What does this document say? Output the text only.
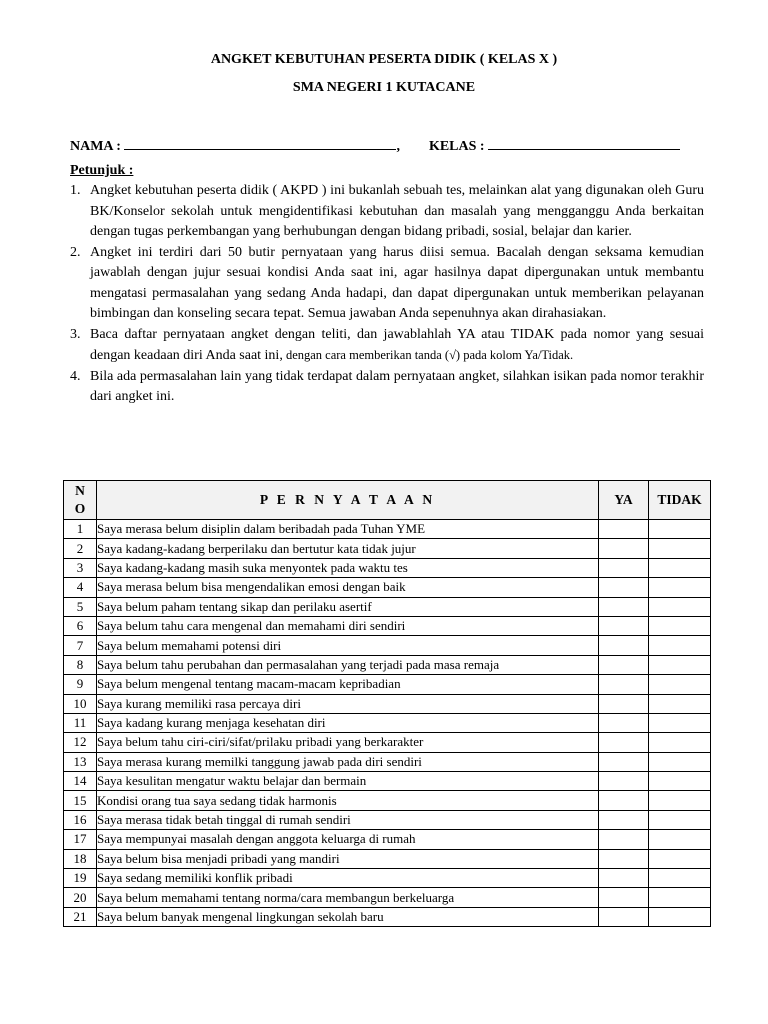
ANGKET KEBUTUHAN PESERTA DIDIK ( KELAS X )
SMA NEGERI 1 KUTACANE
NAMA :	, KELAS :
Petunjuk :
1. Angket kebutuhan peserta didik ( AKPD ) ini bukanlah sebuah tes, melainkan alat yang digunakan oleh Guru BK/Konselor sekolah untuk mengidentifikasi kebutuhan dan masalah yang mengganggu Anda berkaitan dengan tugas perkembangan yang berhubungan dengan bidang pribadi, sosial, belajar dan karier.
2. Angket ini terdiri dari 50 butir pernyataan yang harus diisi semua. Bacalah dengan seksama kemudian jawablah dengan jujur sesuai kondisi Anda saat ini, agar hasilnya dapat dipergunakan untuk membantu mengatasi permasalahan yang sedang Anda hadapi, dan dapat dipergunakan untuk memberikan pelayanan bimbingan dan konseling secara tepat. Semua jawaban Anda sepenuhnya akan dirahasiakan.
3. Baca daftar pernyataan angket dengan teliti, dan jawablahlah YA atau TIDAK pada nomor yang sesuai dengan keadaan diri Anda saat ini, dengan cara memberikan tanda (√) pada kolom Ya/Tidak.
4. Bila ada permasalahan lain yang tidak terdapat dalam pernyataan angket, silahkan isikan pada nomor terakhir dari angket ini.
N
O	P E R N Y A T A A N	YA	TIDAK
1	Saya merasa belum disiplin dalam beribadah pada Tuhan YME		
2	Saya kadang-kadang berperilaku dan bertutur kata tidak jujur		
3	Saya kadang-kadang masih suka menyontek pada waktu tes		
4	Saya merasa belum bisa mengendalikan emosi dengan baik		
5	Saya belum paham tentang sikap dan perilaku asertif		
6	Saya belum tahu cara mengenal dan memahami diri sendiri		
7	Saya belum memahami potensi diri		
8	Saya belum tahu perubahan dan permasalahan yang terjadi pada masa remaja		
9	Saya belum mengenal tentang macam-macam kepribadian		
10	Saya kurang memiliki rasa percaya diri		
11	Saya kadang kurang menjaga kesehatan diri		
12	Saya belum tahu ciri-ciri/sifat/prilaku pribadi yang berkarakter		
13	Saya merasa kurang memilki tanggung jawab pada diri sendiri		
14	Saya kesulitan mengatur waktu belajar dan bermain		
15	Kondisi orang tua saya sedang tidak harmonis		
16	Saya merasa tidak betah tinggal di rumah sendiri		
17	Saya mempunyai masalah dengan anggota keluarga di rumah		
18	Saya belum bisa menjadi pribadi yang mandiri		
19	Saya sedang memiliki konflik pribadi		
20	Saya belum memahami tentang norma/cara membangun berkeluarga		
21	Saya belum banyak mengenal lingkungan sekolah baru		
